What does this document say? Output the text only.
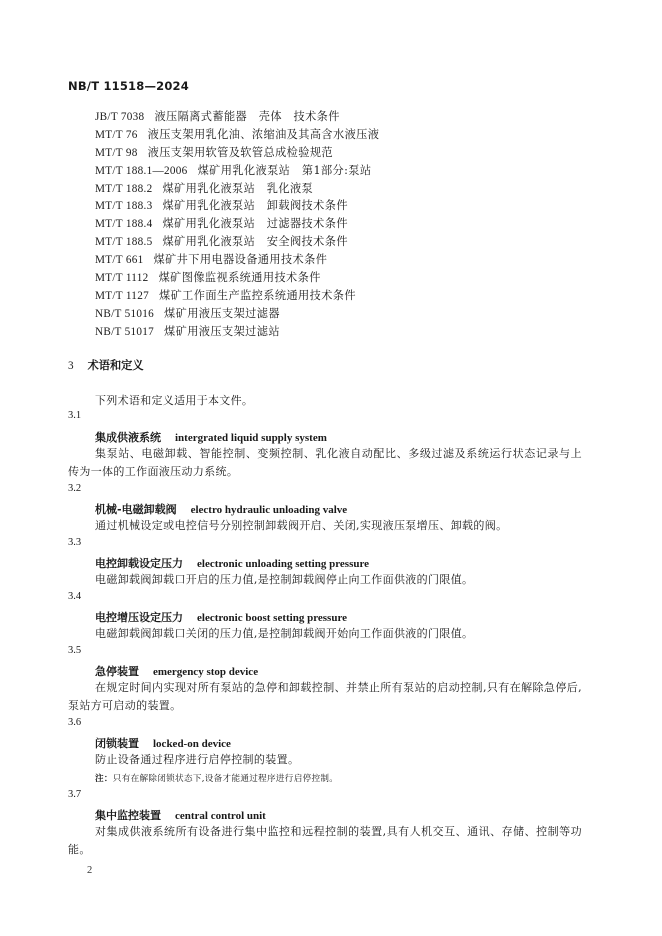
NB/T 11518—2024
JB/T 7038 液压隔离式蓄能器　壳体　技术条件
MT/T 76 液压支架用乳化油、浓缩油及其高含水液压液
MT/T 98 液压支架用软管及软管总成检验规范
MT/T 188.1—2006 煤矿用乳化液泵站　第1部分:泵站
MT/T 188.2 煤矿用乳化液泵站　乳化液泵
MT/T 188.3 煤矿用乳化液泵站　卸载阀技术条件
MT/T 188.4 煤矿用乳化液泵站　过滤器技术条件
MT/T 188.5 煤矿用乳化液泵站　安全阀技术条件
MT/T 661 煤矿井下用电器设备通用技术条件
MT/T 1112 煤矿图像监视系统通用技术条件
MT/T 1127 煤矿工作面生产监控系统通用技术条件
NB/T 51016 煤矿用液压支架过滤器
NB/T 51017 煤矿用液压支架过滤站
3 术语和定义
下列术语和定义适用于本文件。
3.1
集成供液系统 intergrated liquid supply system
集泵站、电磁卸载、智能控制、变频控制、乳化液自动配比、多级过滤及系统运行状态记录与上传为一体的工作面液压动力系统。
3.2
机械-电磁卸载阀 electro hydraulic unloading valve
通过机械设定或电控信号分别控制卸载阀开启、关闭,实现液压泵增压、卸载的阀。
3.3
电控卸载设定压力 electronic unloading setting pressure
电磁卸载阀卸载口开启的压力值,是控制卸载阀停止向工作面供液的门限值。
3.4
电控增压设定压力 electronic boost setting pressure
电磁卸载阀卸载口关闭的压力值,是控制卸载阀开始向工作面供液的门限值。
3.5
急停装置 emergency stop device
在规定时间内实现对所有泵站的急停和卸载控制、并禁止所有泵站的启动控制,只有在解除急停后,泵站方可启动的装置。
3.6
闭锁装置 locked-on device
防止设备通过程序进行启停控制的装置。
注：只有在解除闭锁状态下,设备才能通过程序进行启停控制。
3.7
集中监控装置 central control unit
对集成供液系统所有设备进行集中监控和远程控制的装置,具有人机交互、通讯、存储、控制等功能。
2
